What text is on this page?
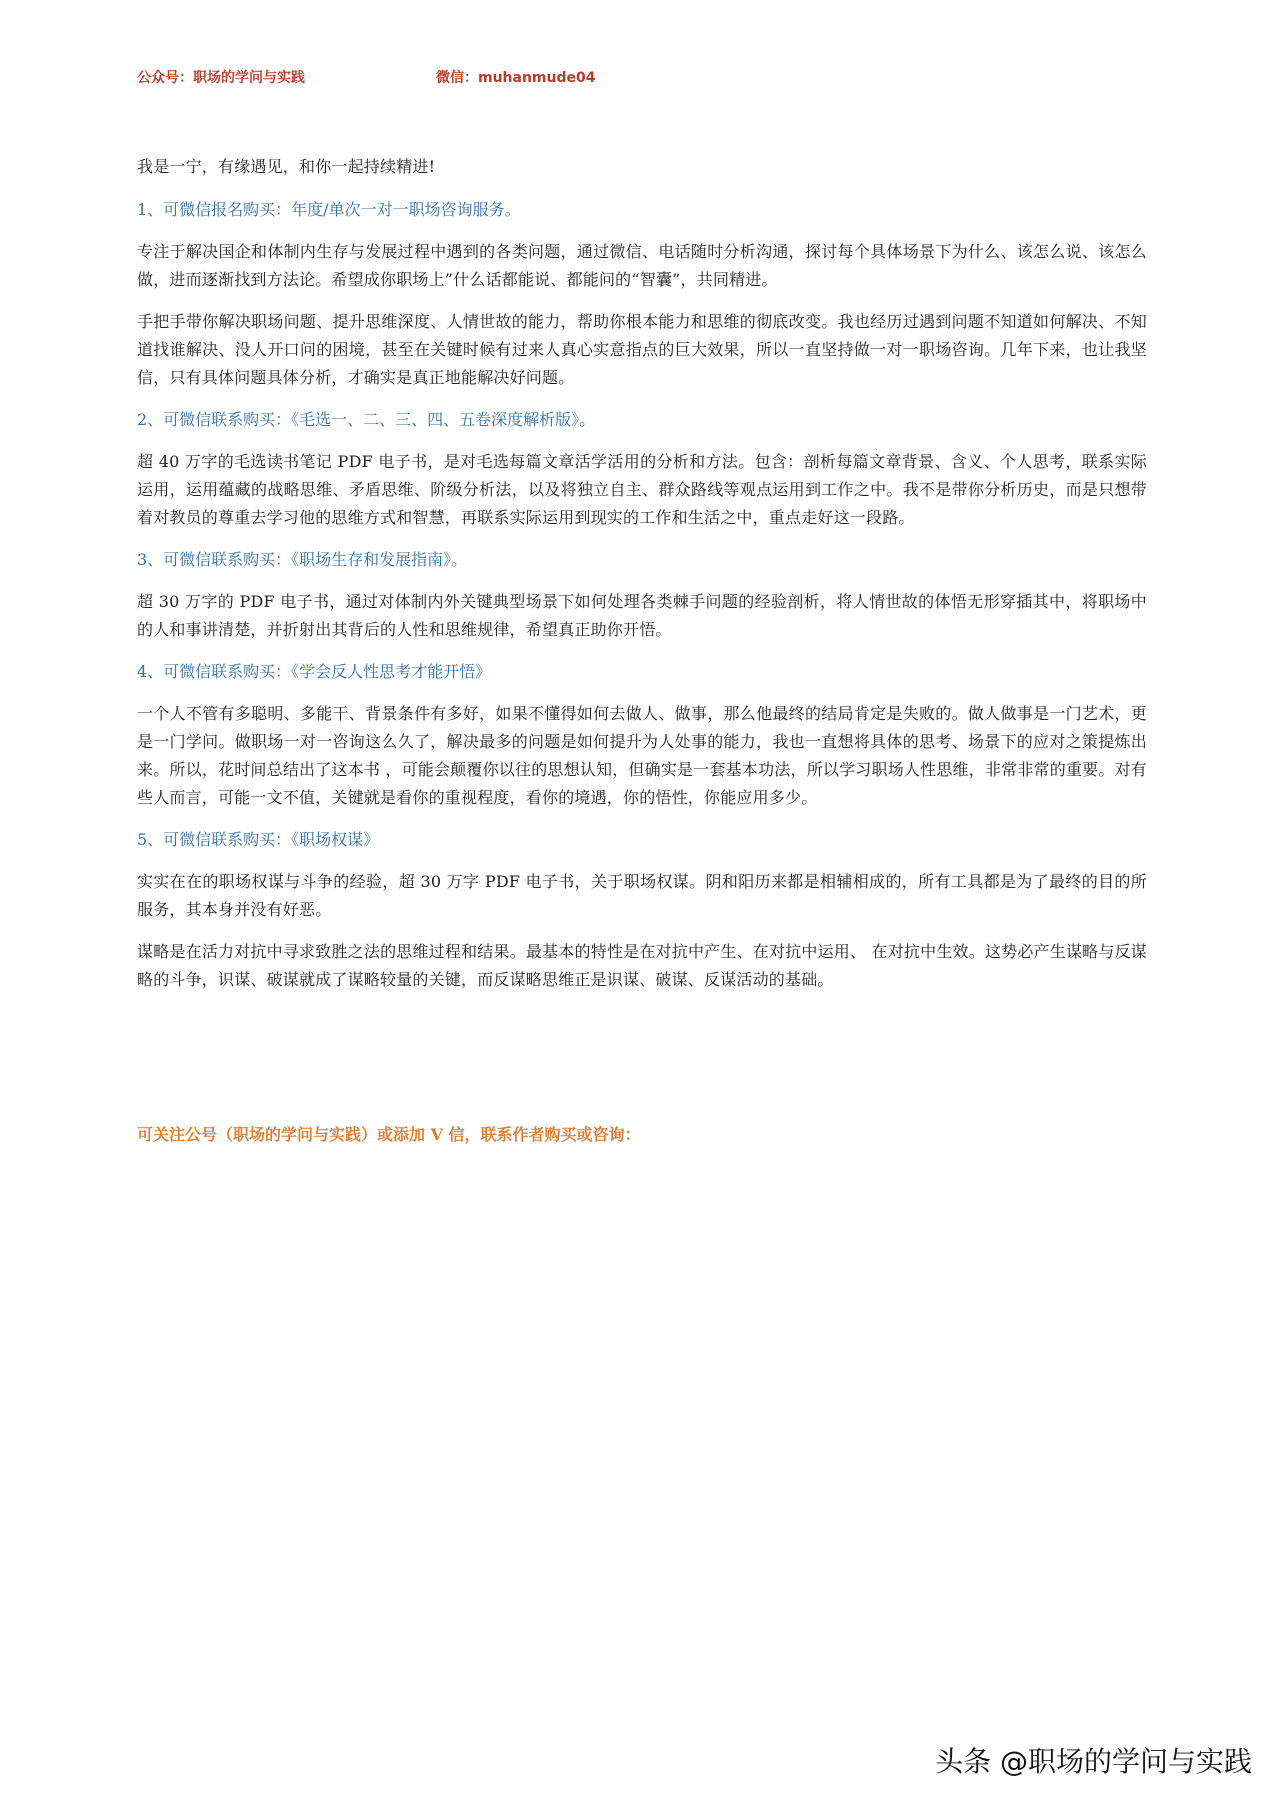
公众号：职场的学问与实践	微信：muhanmude04

我是一宁，有缘遇见，和你一起持续精进!

1、可微信报名购买：年度/单次一对一职场咨询服务。

专注于解决国企和体制内生存与发展过程中遇到的各类问题，通过微信、电话随时分析沟通，探讨每个具体场景下为什么、该怎么说、该怎么做，进而逐渐找到方法论。希望成你职场上”什么话都能说、都能问的“智囊”，共同精进。

手把手带你解决职场问题、提升思维深度、人情世故的能力，帮助你根本能力和思维的彻底改变。我也经历过遇到问题不知道如何解决、不知道找谁解决、没人开口问的困境，甚至在关键时候有过来人真心实意指点的巨大效果，所以一直坚持做一对一职场咨询。几年下来，也让我坚信，只有具体问题具体分析，才确实是真正地能解决好问题。

2、可微信联系购买：《毛选一、二、三、四、五卷深度解析版》。

超 40 万字的毛选读书笔记 PDF 电子书，是对毛选每篇文章活学活用的分析和方法。包含：剖析每篇文章背景、含义、个人思考，联系实际运用，运用蕴藏的战略思维、矛盾思维、阶级分析法，以及将独立自主、群众路线等观点运用到工作之中。我不是带你分析历史，而是只想带着对教员的尊重去学习他的思维方式和智慧，再联系实际运用到现实的工作和生活之中，重点走好这一段路。

3、可微信联系购买：《职场生存和发展指南》。

超 30 万字的 PDF 电子书，通过对体制内外关键典型场景下如何处理各类棘手问题的经验剖析，将人情世故的体悟无形穿插其中，将职场中的人和事讲清楚，并折射出其背后的人性和思维规律，希望真正助你开悟。

4、可微信联系购买：《学会反人性思考才能开悟》

一个人不管有多聪明、多能干、背景条件有多好，如果不懂得如何去做人、做事，那么他最终的结局肯定是失败的。做人做事是一门艺术，更是一门学问。做职场一对一咨询这么久了，解决最多的问题是如何提升为人处事的能力，我也一直想将具体的思考、场景下的应对之策提炼出来。所以，花时间总结出了这本书 ，可能会颠覆你以往的思想认知，但确实是一套基本功法，所以学习职场人性思维，非常非常的重要。对有些人而言，可能一文不值，关键就是看你的重视程度，看你的境遇，你的悟性，你能应用多少。

5、可微信联系购买：《职场权谋》

实实在在的职场权谋与斗争的经验，超 30 万字 PDF 电子书，关于职场权谋。阴和阳历来都是相辅相成的，所有工具都是为了最终的目的所服务，其本身并没有好恶。

谋略是在活力对抗中寻求致胜之法的思维过程和结果。最基本的特性是在对抗中产生、在对抗中运用、 在对抗中生效。这势必产生谋略与反谋略的斗争，识谋、破谋就成了谋略较量的关键，而反谋略思维正是识谋、破谋、反谋活动的基础。

可关注公号（职场的学问与实践）或添加 V 信，联系作者购买或咨询：
头条 @职场的学问与实践
